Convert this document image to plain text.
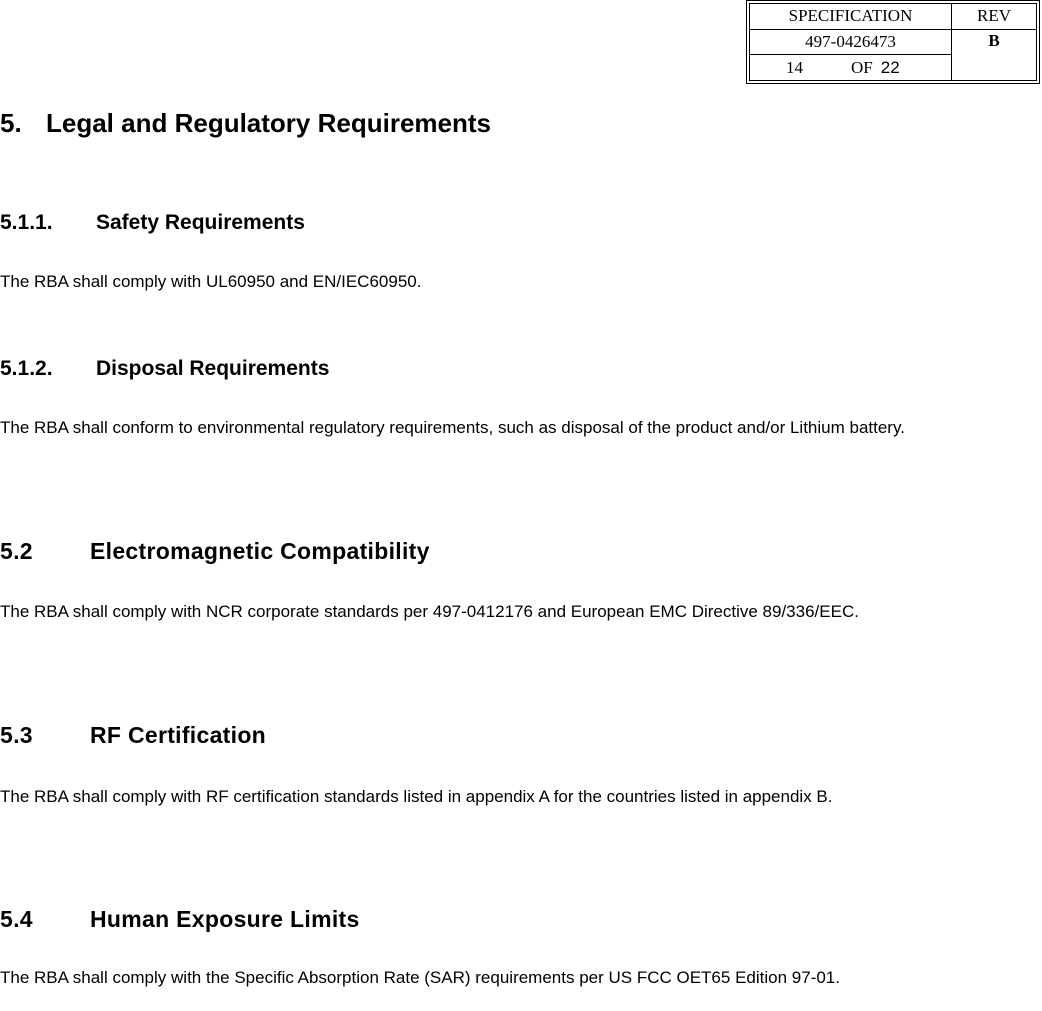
SPECIFICATION	REV
497-0426473	B
14 OF 22	
5. Legal and Regulatory Requirements
5.1.1. Safety Requirements

The RBA shall comply with UL60950 and EN/IEC60950.

5.1.2. Disposal Requirements

The RBA shall conform to environmental regulatory requirements, such as disposal of the product and/or Lithium battery.

5.2 Electromagnetic Compatibility

The RBA shall comply with NCR corporate standards per 497-0412176 and European EMC Directive 89/336/EEC.

5.3 RF Certification

The RBA shall comply with RF certification standards listed in appendix A for the countries listed in appendix B.

5.4 Human Exposure Limits

The RBA shall comply with the Specific Absorption Rate (SAR) requirements per US FCC OET65 Edition 97-01.
